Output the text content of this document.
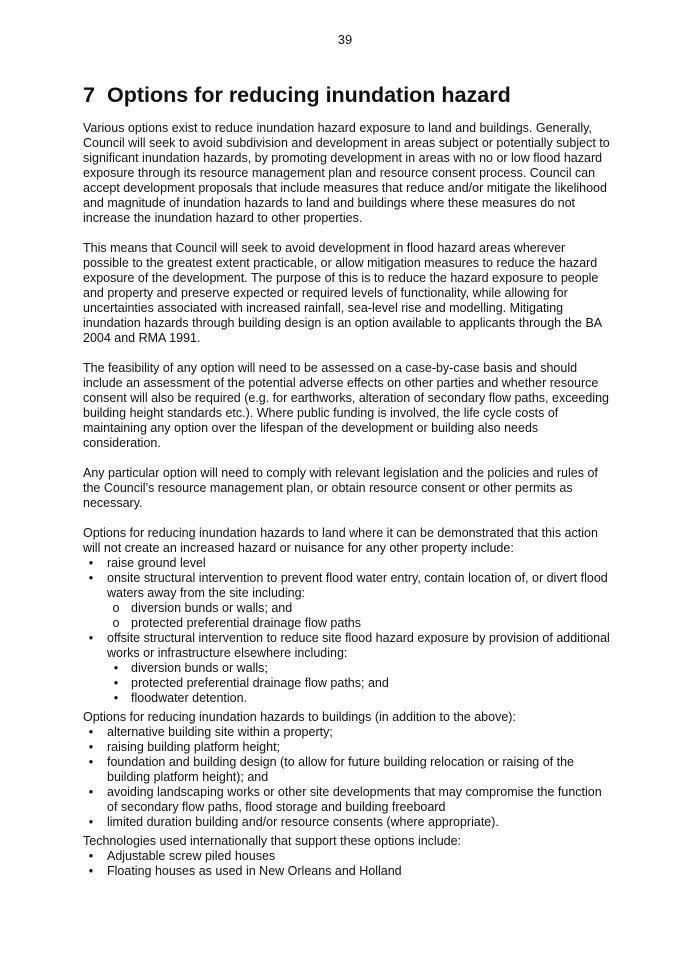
39
7 Options for reducing inundation hazard

Various options exist to reduce inundation hazard exposure to land and buildings. Generally, Council will seek to avoid subdivision and development in areas subject or potentially subject to significant inundation hazards, by promoting development in areas with no or low flood hazard exposure through its resource management plan and resource consent process. Council can accept development proposals that include measures that reduce and/or mitigate the likelihood and magnitude of inundation hazards to land and buildings where these measures do not increase the inundation hazard to other properties.

This means that Council will seek to avoid development in flood hazard areas wherever possible to the greatest extent practicable, or allow mitigation measures to reduce the hazard exposure of the development. The purpose of this is to reduce the hazard exposure to people and property and preserve expected or required levels of functionality, while allowing for uncertainties associated with increased rainfall, sea-level rise and modelling. Mitigating inundation hazards through building design is an option available to applicants through the BA 2004 and RMA 1991.

The feasibility of any option will need to be assessed on a case-by-case basis and should include an assessment of the potential adverse effects on other parties and whether resource consent will also be required (e.g. for earthworks, alteration of secondary flow paths, exceeding building height standards etc.). Where public funding is involved, the life cycle costs of maintaining any option over the lifespan of the development or building also needs consideration.

Any particular option will need to comply with relevant legislation and the policies and rules of the Council’s resource management plan, or obtain resource consent or other permits as necessary.

Options for reducing inundation hazards to land where it can be demonstrated that this action will not create an increased hazard or nuisance for any other property include:

•	raise ground level
•	onsite structural intervention to prevent flood water entry, contain location of, or divert flood waters away from the site including:
o diversion bunds or walls; and
o protected preferential drainage flow paths
•	offsite structural intervention to reduce site flood hazard exposure by provision of additional works or infrastructure elsewhere including:
•	diversion bunds or walls;
•	protected preferential drainage flow paths; and
•	floodwater detention.

Options for reducing inundation hazards to buildings (in addition to the above):

•	alternative building site within a property;
•	raising building platform height;
•	foundation and building design (to allow for future building relocation or raising of the building platform height); and
•	avoiding landscaping works or other site developments that may compromise the function of secondary flow paths, flood storage and building freeboard
•	limited duration building and/or resource consents (where appropriate).

Technologies used internationally that support these options include:

•	Adjustable screw piled houses
•	Floating houses as used in New Orleans and Holland
